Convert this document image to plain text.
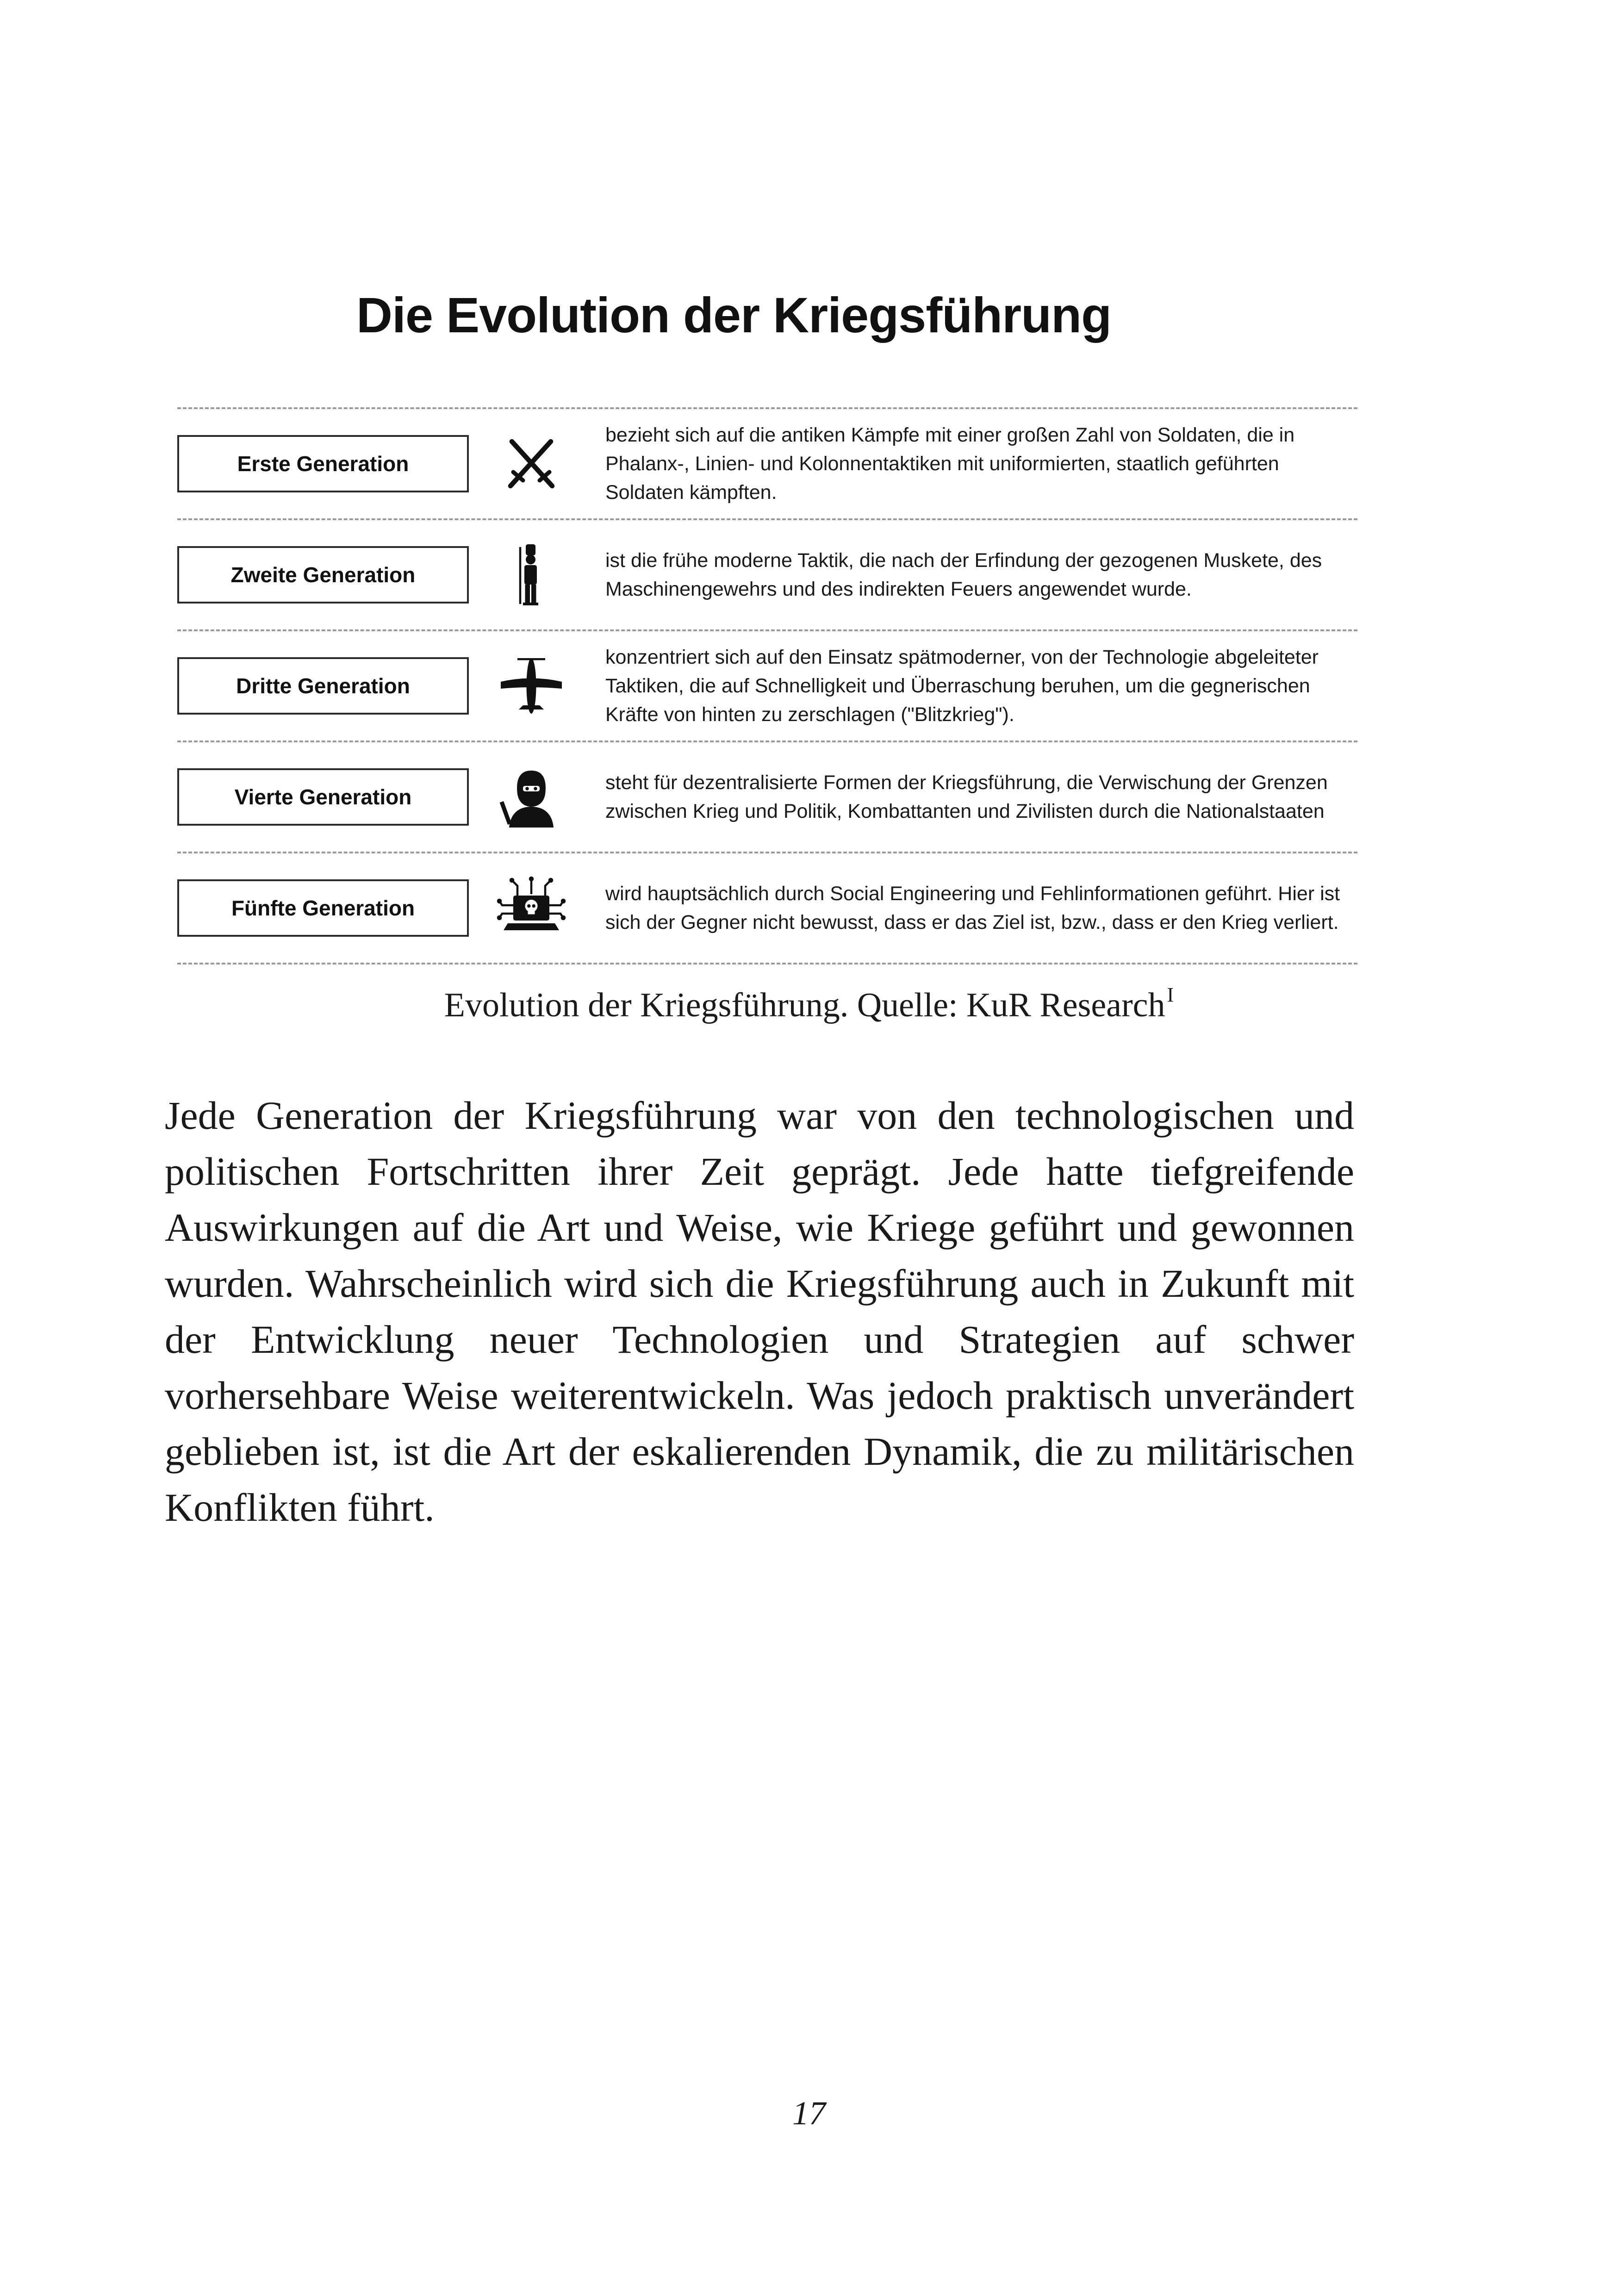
Die Evolution der Kriegsführung
Erste Generation
bezieht sich auf die antiken Kämpfe mit einer großen Zahl von Soldaten, die in Phalanx-, Linien- und Kolonnentaktiken mit uniformierten, staatlich geführten Soldaten kämpften.
Zweite Generation
ist die frühe moderne Taktik, die nach der Erfindung der gezogenen Muskete, des Maschinengewehrs und des indirekten Feuers angewendet wurde.
Dritte Generation
konzentriert sich auf den Einsatz spätmoderner, von der Technologie abgeleiteter Taktiken, die auf Schnelligkeit und Überraschung beruhen, um die gegnerischen Kräfte von hinten zu zerschlagen ("Blitzkrieg").
Vierte Generation
steht für dezentralisierte Formen der Kriegsführung, die Verwischung der Grenzen zwischen Krieg und Politik, Kombattanten und Zivilisten durch die Nationalstaaten
Fünfte Generation
wird hauptsächlich durch Social Engineering und Fehlinformationen geführt. Hier ist sich der Gegner nicht bewusst, dass er das Ziel ist, bzw., dass er den Krieg verliert.
Evolution der Kriegsführung. Quelle: KuR Research$^I$

Jede Generation der Kriegsführung war von den technologischen und politischen Fortschritten ihrer Zeit geprägt. Jede hatte tiefgreifende Auswirkungen auf die Art und Weise, wie Kriege geführt und gewonnen wurden. Wahrscheinlich wird sich die Kriegsführung auch in Zukunft mit der Entwicklung neuer Technologien und Strategien auf schwer vorhersehbare Weise weiterentwickeln. Was jedoch praktisch unverändert geblieben ist, ist die Art der eskalierenden Dynamik, die zu militärischen Konflikten führt.

17
